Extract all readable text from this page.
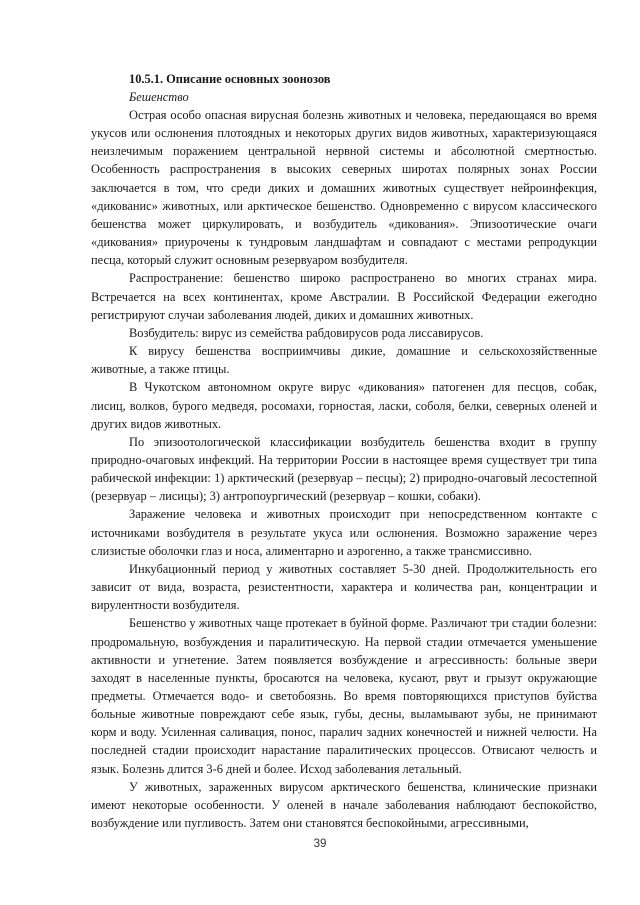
10.5.1. Описание основных зоонозов

Бешенство

Острая особо опасная вирусная болезнь животных и человека, передающаяся во время укусов или ослюнения плотоядных и некоторых других видов животных, характеризующаяся неизлечимым поражением центральной нервной системы и абсолютной смертностью. Особенность распространения в высоких северных широтах полярных зонах России заключается в том, что среди диких и домашних животных существует нейроинфекция, «дикованис» животных, или арктическое бешенство. Одновременно с вирусом классического бешенства может циркулировать, и возбудитель «дикования». Эпизоотические очаги «дикования» приурочены к тундровым ландшафтам и совпадают с местами репродукции песца, который служит основным резервуаром возбудителя.

Распространение: бешенство широко распространено во многих странах мира. Встречается на всех континентах, кроме Австралии. В Российской Федерации ежегодно регистрируют случаи заболевания людей, диких и домашних животных.

Возбудитель: вирус из семейства рабдовирусов рода лиссавирусов.

К вирусу бешенства восприимчивы дикие, домашние и сельскохозяйственные животные, а также птицы.

В Чукотском автономном округе вирус «дикования» патогенен для песцов, собак, лисиц, волков, бурого медведя, росомахи, горностая, ласки, соболя, белки, северных оленей и других видов животных.

По эпизоотологической классификации возбудитель бешенства входит в группу природно-очаговых инфекций. На территории России в настоящее время существует три типа рабической инфекции: 1) арктический (резервуар – песцы); 2) природно-очаговый лесостепной (резервуар – лисицы); 3) антропоургический (резервуар – кошки, собаки).

Заражение человека и животных происходит при непосредственном контакте с источниками возбудителя в результате укуса или ослюнения. Возможно заражение через слизистые оболочки глаз и носа, алиментарно и аэрогенно, а также трансмиссивно.

Инкубационный период у животных составляет 5-30 дней. Продолжительность его зависит от вида, возраста, резистентности, характера и количества ран, концентрации и вирулентности возбудителя.

Бешенство у животных чаще протекает в буйной форме. Различают три стадии болезни: продромальную, возбуждения и паралитическую. На первой стадии отмечается уменьшение активности и угнетение. Затем появляется возбуждение и агрессивность: больные звери заходят в населенные пункты, бросаются на человека, кусают, рвут и грызут окружающие предметы. Отмечается водо- и светобоязнь. Во время повторяющихся приступов буйства больные животные повреждают себе язык, губы, десны, выламывают зубы, не принимают корм и воду. Усиленная саливация, понос, паралич задних конечностей и нижней челюсти. На последней стадии происходит нарастание паралитических процессов. Отвисают челюсть и язык. Болезнь длится 3-6 дней и более. Исход заболевания летальный.

У животных, зараженных вирусом арктического бешенства, клинические признаки имеют некоторые особенности. У оленей в начале заболевания наблюдают беспокойство, возбуждение или пугливость. Затем они становятся беспокойными, агрессивными,

39
